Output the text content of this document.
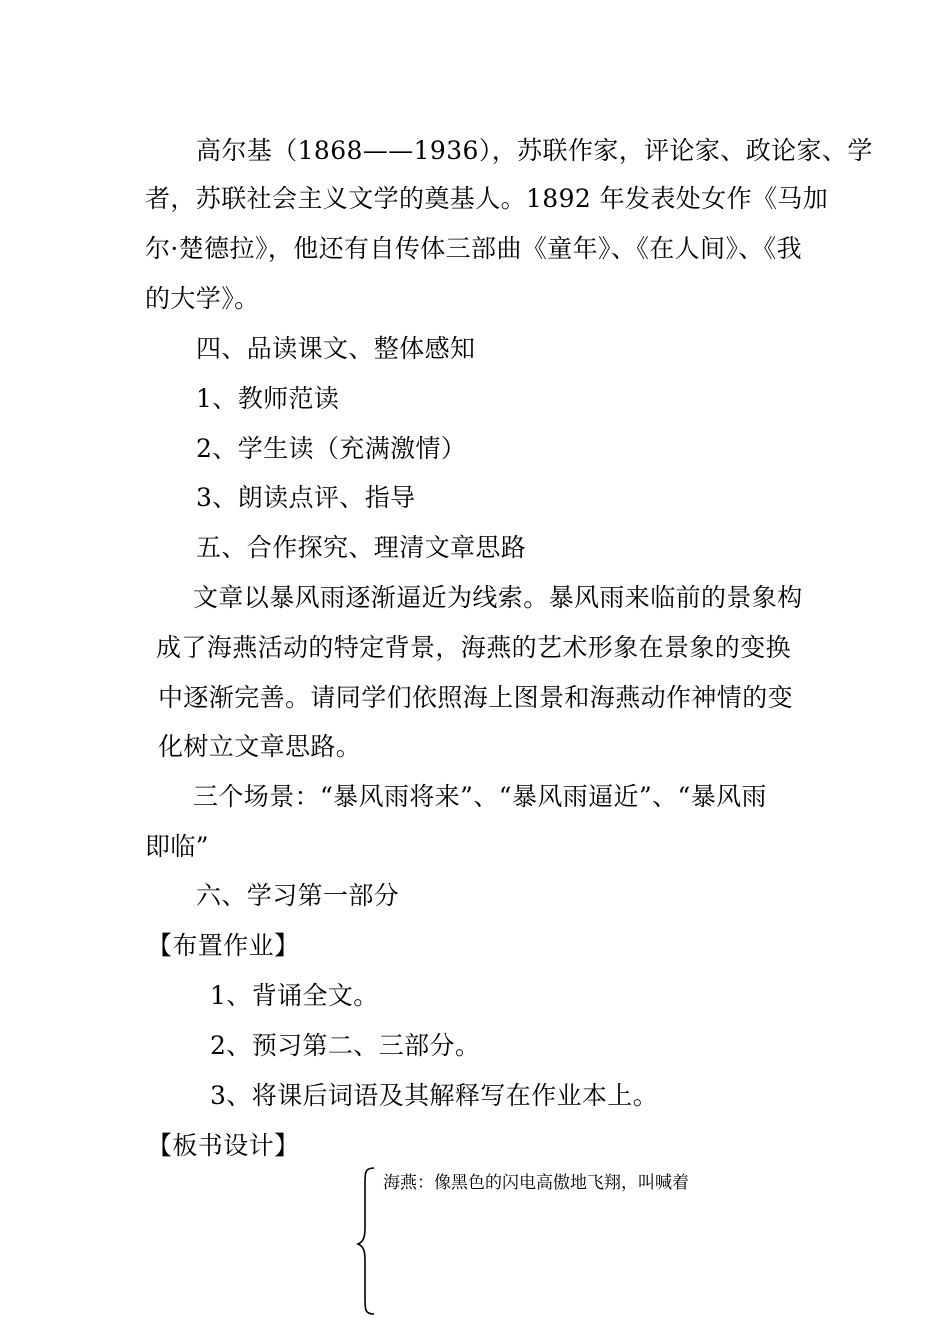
高尔基（1868——1936），苏联作家，评论家、政论家、学
者，苏联社会主义文学的奠基人。1892 年发表处女作《马加
尔·楚德拉》，他还有自传体三部曲《童年》、《在人间》、《我
的大学》。
四、品读课文、整体感知
1、教师范读
2、学生读（充满激情）
3、朗读点评、指导
五、合作探究、理清文章思路
文章以暴风雨逐渐逼近为线索。暴风雨来临前的景象构
成了海燕活动的特定背景，海燕的艺术形象在景象的变换
中逐渐完善。请同学们依照海上图景和海燕动作神情的变
化树立文章思路。
三个场景：“暴风雨将来”、“暴风雨逼近”、“暴风雨
即临”
六、学习第一部分
【布置作业】
1、背诵全文。
2、预习第二、三部分。
3、将课后词语及其解释写在作业本上。
【板书设计】
海燕：像黑色的闪电高傲地飞翔，叫喊着
